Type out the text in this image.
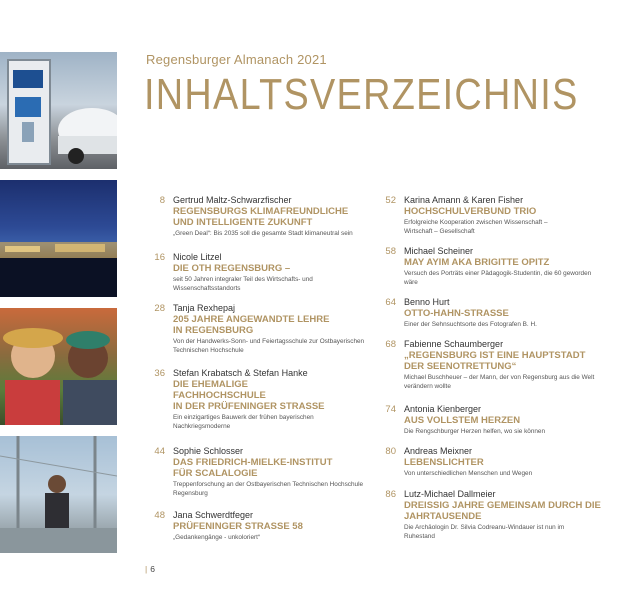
Regensburger Almanach 2021
INHALTSVERZEICHNIS
8 Gertrud Maltz-Schwarzfischer
REGENSBURGS KLIMAFREUNDLICHE
UND INTELLIGENTE ZUKUNFT
„Green Deal“: Bis 2035 soll die gesamte Stadt klimaneutral sein
16 Nicole Litzel
DIE OTH REGENSBURG –
seit 50 Jahren integraler Teil des Wirtschafts- und
Wissenschaftsstandorts
28 Tanja Rexhepaj
205 JAHRE ANGEWANDTE LEHRE
IN REGENSBURG
Von der Handwerks-Sonn- und Feiertagsschule zur Ostbayerischen
Technischen Hochschule
36 Stefan Krabatsch & Stefan Hanke
DIE EHEMALIGE
FACHHOCHSCHULE
IN DER PRÜFENINGER STRASSE
Ein einzigartiges Bauwerk der frühen bayerischen
Nachkriegsmoderne
44 Sophie Schlosser
DAS FRIEDRICH-MIELKE-INSTITUT
FÜR SCALALOGIE
Treppenforschung an der Ostbayerischen Technischen Hochschule
Regensburg
48 Jana Schwerdtfeger
PRÜFENINGER STRASSE 58
„Gedankengänge - unkoloriert“
52 Karina Amann & Karen Fisher
HOCHSCHULVERBUND TRIO
Erfolgreiche Kooperation zwischen Wissenschaft –
Wirtschaft – Gesellschaft
58 Michael Scheiner
MAY AYIM AKA BRIGITTE OPITZ
Versuch des Porträts einer Pädagogik-Studentin, die 60 geworden
wäre
64 Benno Hurt
OTTO-HAHN-STRASSE
Einer der Sehnsuchtsorte des Fotografen B. H.
68 Fabienne Schaumberger
„REGENSBURG IST EINE HAUPTSTADT
DER SEENOTRETTUNG“
Michael Buschheuer – der Mann, der von Regensburg aus die Welt
verändern wollte
74 Antonia Kienberger
AUS VOLLSTEM HERZEN
Die Rengschburger Herzen helfen, wo sie können
80 Andreas Meixner
LEBENSLICHTER
Von unterschiedlichen Menschen und Wegen
86 Lutz-Michael Dallmeier
DREISSIG JAHRE GEMEINSAM DURCH DIE
JAHRTAUSENDE
Die Archäologin Dr. Silvia Codreanu-Windauer ist nun im
Ruhestand
| 6
